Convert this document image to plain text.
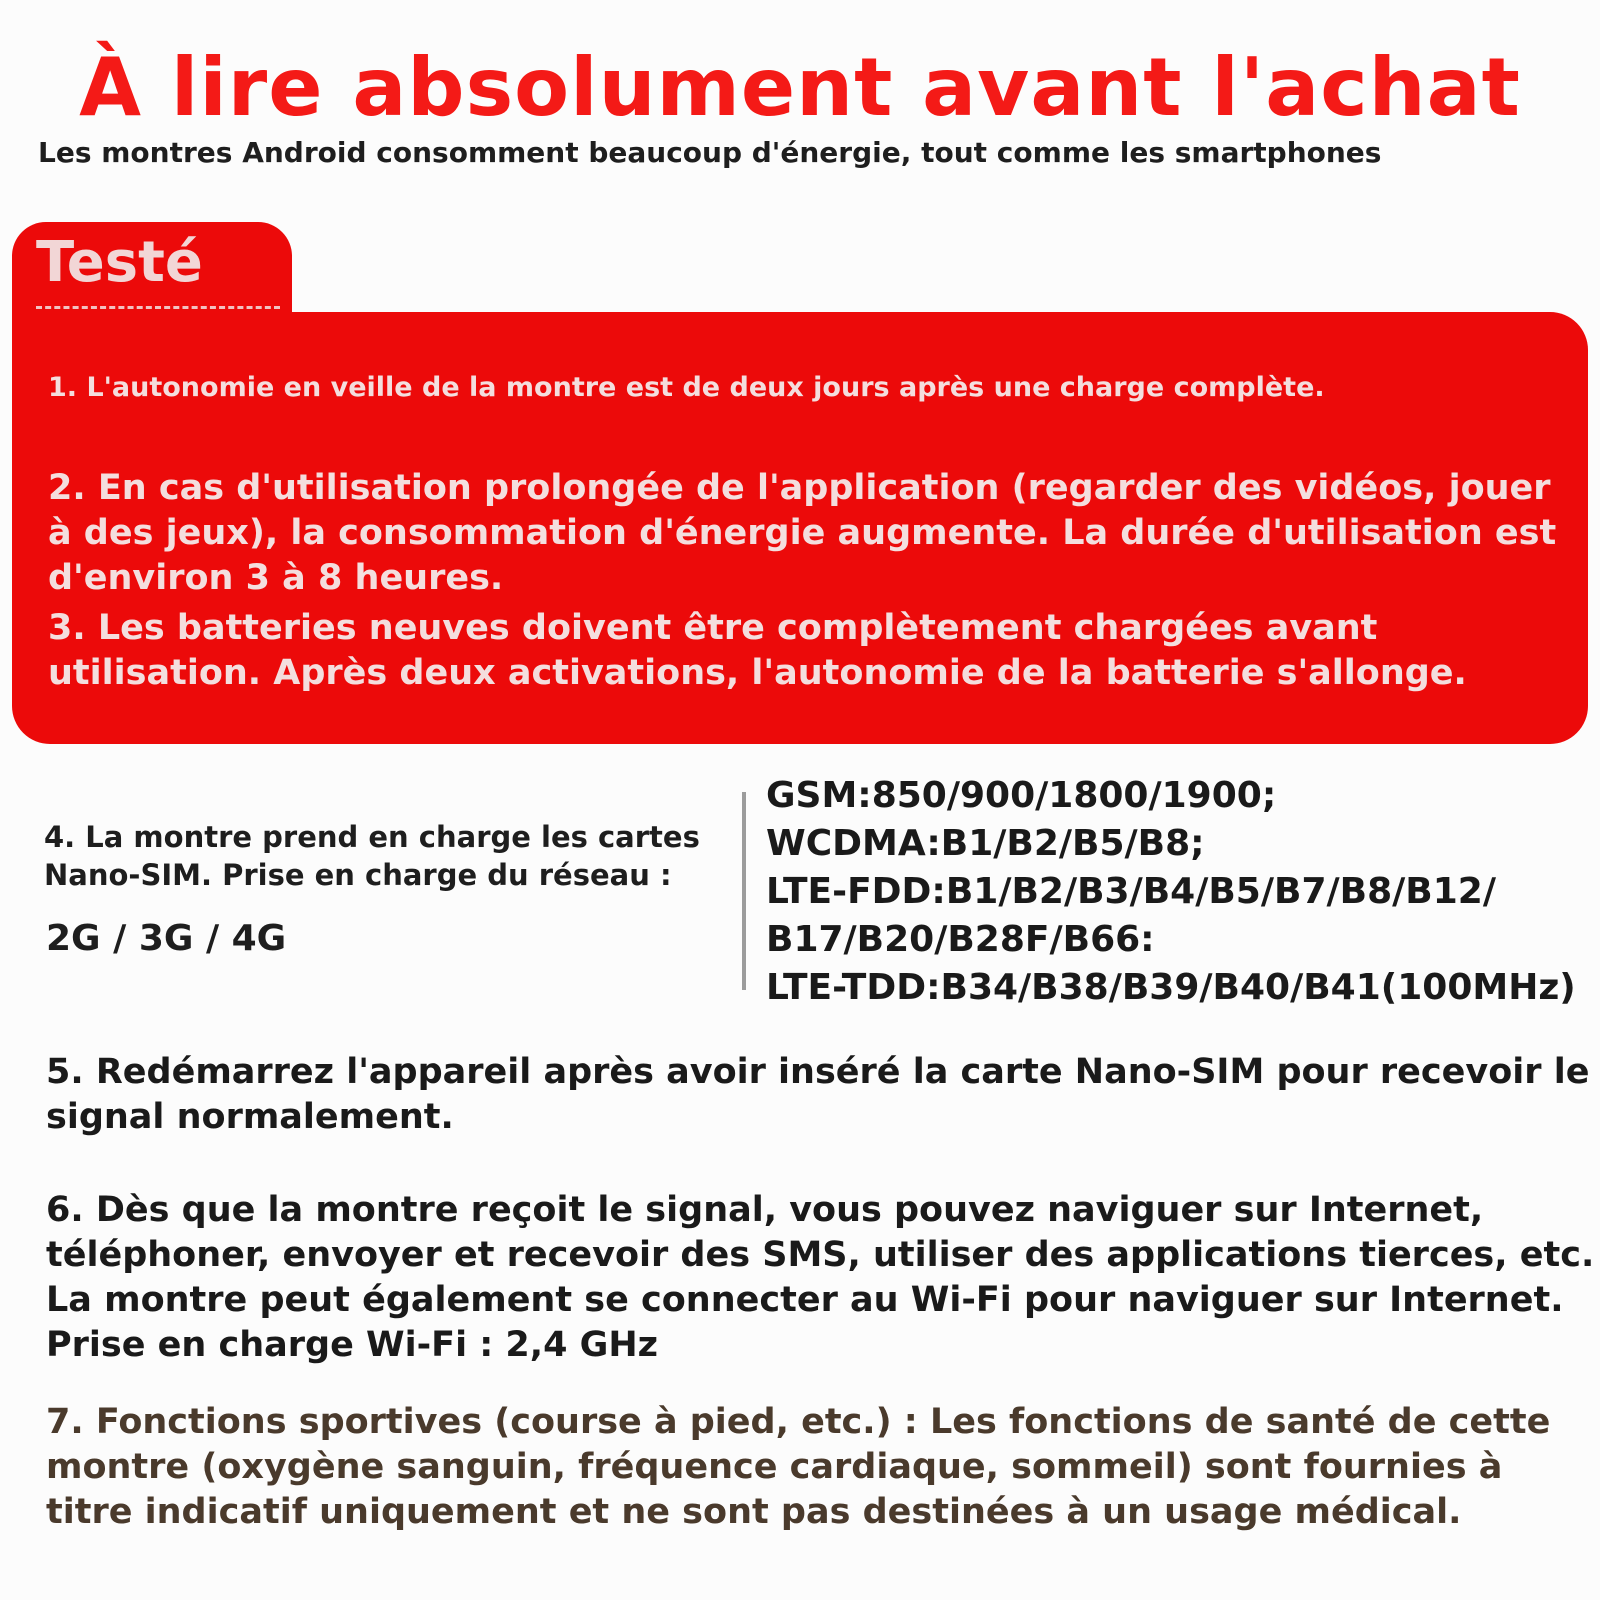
À lire absolument avant l'achat
Les montres Android consomment beaucoup d'énergie, tout comme les smartphones
Testé
1. L'autonomie en veille de la montre est de deux jours après une charge complète.
2. En cas d'utilisation prolongée de l'application (regarder des vidéos, jouer à des jeux), la consommation d'énergie augmente. La durée d'utilisation est d'environ 3 à 8 heures.
3. Les batteries neuves doivent être complètement chargées avant utilisation. Après deux activations, l'autonomie de la batterie s'allonge.
4. La montre prend en charge les cartes Nano-SIM. Prise en charge du réseau :
2G / 3G / 4G
GSM:850/900/1800/1900;
WCDMA:B1/B2/B5/B8;
LTE-FDD:B1/B2/B3/B4/B5/B7/B8/B12/
B17/B20/B28F/B66:
LTE-TDD:B34/B38/B39/B40/B41(100MHz)
5. Redémarrez l'appareil après avoir inséré la carte Nano-SIM pour recevoir le signal normalement.
6. Dès que la montre reçoit le signal, vous pouvez naviguer sur Internet, téléphoner, envoyer et recevoir des SMS, utiliser des applications tierces, etc. La montre peut également se connecter au Wi-Fi pour naviguer sur Internet. Prise en charge Wi-Fi : 2,4 GHz
7. Fonctions sportives (course à pied, etc.) : Les fonctions de santé de cette montre (oxygène sanguin, fréquence cardiaque, sommeil) sont fournies à titre indicatif uniquement et ne sont pas destinées à un usage médical.
